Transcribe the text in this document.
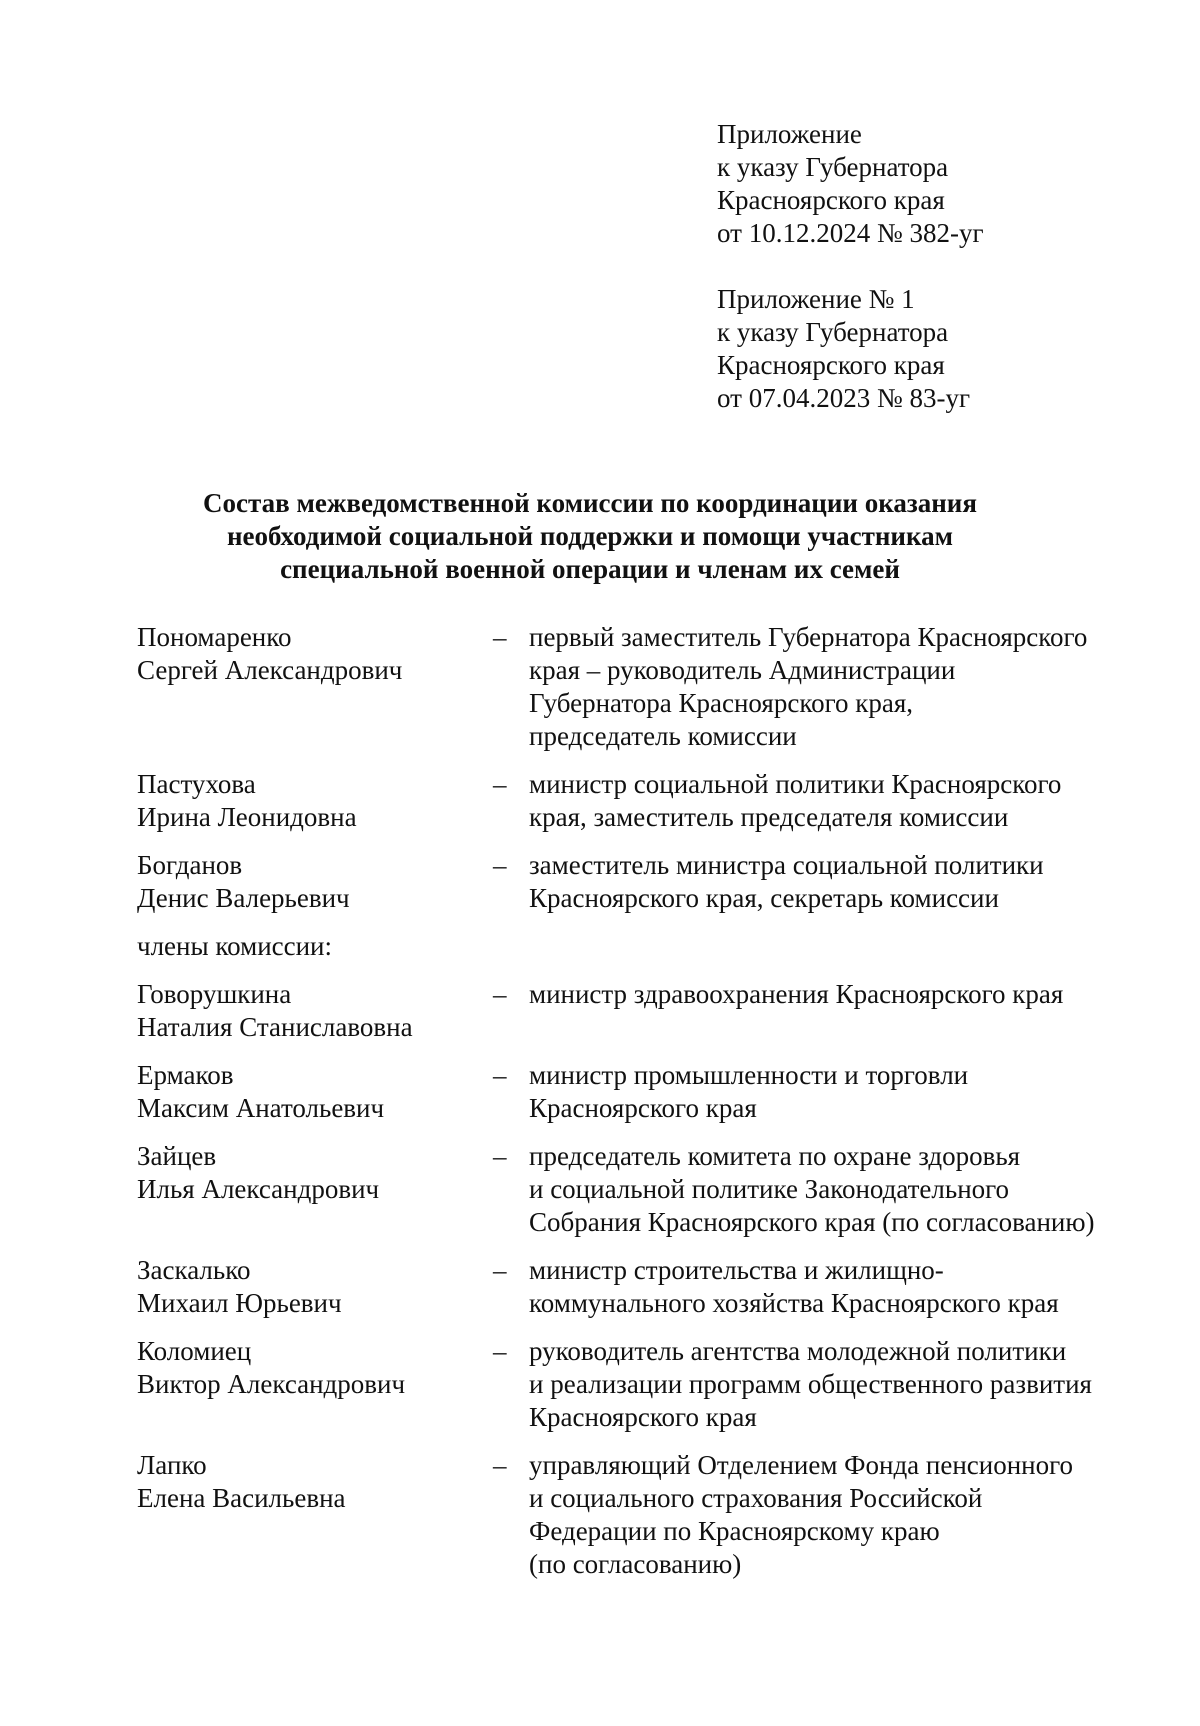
Приложение
к указу Губернатора
Красноярского края
от 10.12.2024 № 382-уг
Приложение № 1
к указу Губернатора
Красноярского края
от 07.04.2023 № 83-уг
Состав межведомственной комиссии по координации оказания
необходимой социальной поддержки и помощи участникам
специальной военной операции и членам их семей
Пономаренко
Сергей Александрович
– первый заместитель Губернатора Красноярского
края – руководитель Администрации
Губернатора Красноярского края,
председатель комиссии
Пастухова
Ирина Леонидовна
– министр социальной политики Красноярского
края, заместитель председателя комиссии
Богданов
Денис Валерьевич
– заместитель министра социальной политики
Красноярского края, секретарь комиссии
члены комиссии:
Говорушкина
Наталия Станиславовна
– министр здравоохранения Красноярского края
Ермаков
Максим Анатольевич
– министр промышленности и торговли
Красноярского края
Зайцев
Илья Александрович
– председатель комитета по охране здоровья
и социальной политике Законодательного
Собрания Красноярского края (по согласованию)
Заскалько
Михаил Юрьевич
– министр строительства и жилищно-
коммунального хозяйства Красноярского края
Коломиец
Виктор Александрович
– руководитель агентства молодежной политики
и реализации программ общественного развития
Красноярского края
Лапко
Елена Васильевна
– управляющий Отделением Фонда пенсионного
и социального страхования Российской
Федерации по Красноярскому краю
(по согласованию)
